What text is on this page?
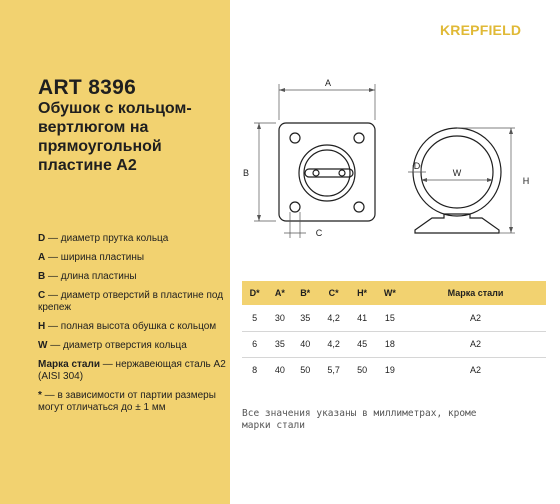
ART 8396
Обушок с кольцом-вертлюгом на прямоугольной пластине А2
D — диаметр прутка кольца
A — ширина пластины
B — длина пластины
C — диаметр отверстий в пластине под крепеж
H — полная высота обушка с кольцом
W — диаметр отверстия кольца
Марка стали — нержавеющая сталь А2 (AISI 304)
* — в зависимости от партии размеры могут отличаться до ± 1 мм
KREPFIELD
A
B
C
D
W
H
D*	A*	B*	C*	H*	W*	Марка стали
5	30	35	4,2	41	15	A2
6	35	40	4,2	45	18	A2
8	40	50	5,7	50	19	A2
Все значения указаны в миллиметрах, кроме марки стали
